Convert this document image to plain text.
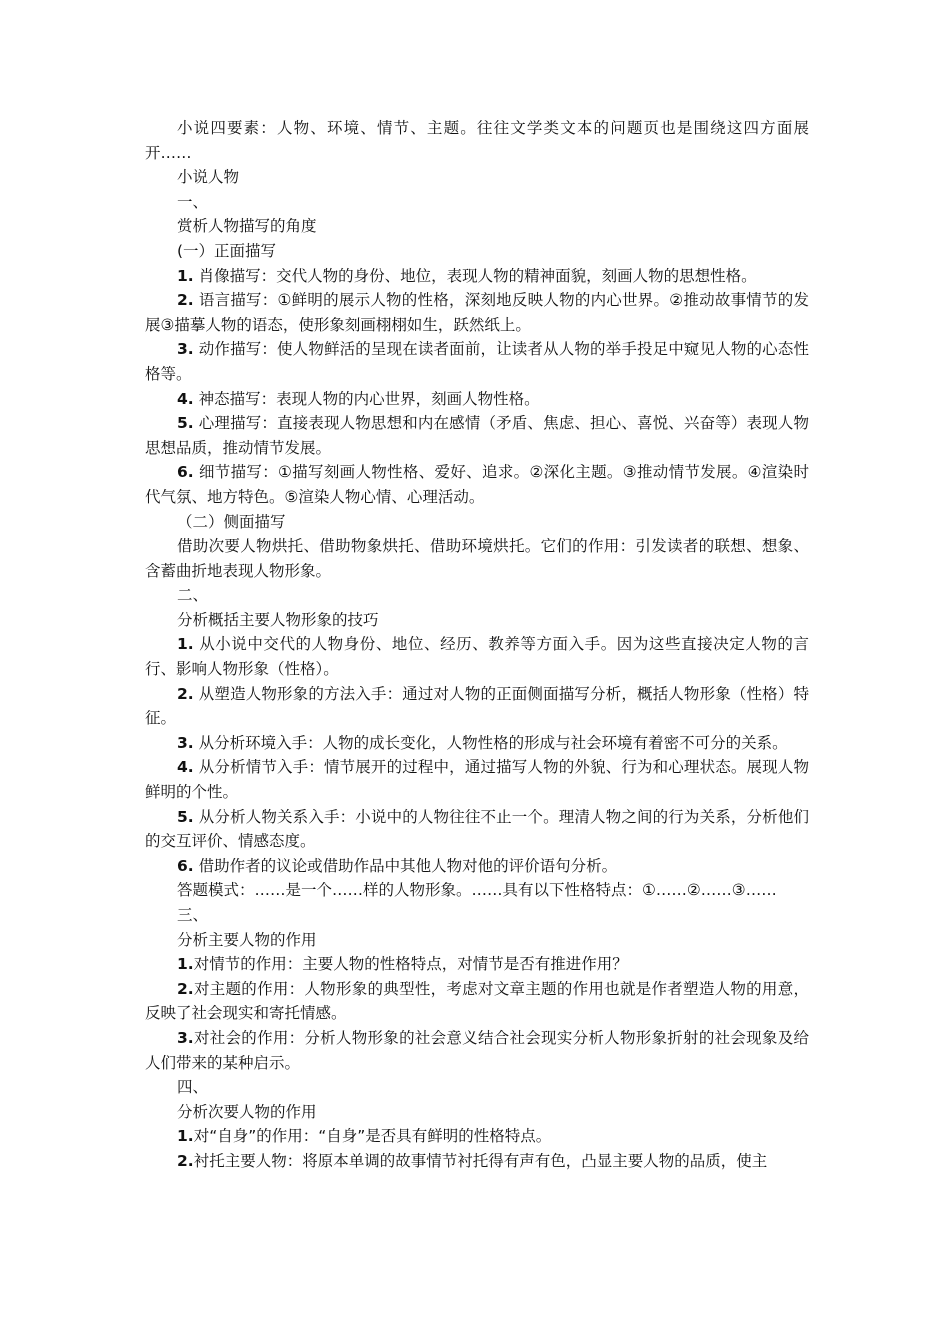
小说四要素：人物、环境、情节、主题。往往文学类文本的问题页也是围绕这四方面展开……

小说人物

一、

赏析人物描写的角度

(一）正面描写

1. 肖像描写：交代人物的身份、地位，表现人物的精神面貌，刻画人物的思想性格。

2. 语言描写：①鲜明的展示人物的性格，深刻地反映人物的内心世界。②推动故事情节的发展③描摹人物的语态，使形象刻画栩栩如生，跃然纸上。

3. 动作描写：使人物鲜活的呈现在读者面前，让读者从人物的举手投足中窥见人物的心态性格等。

4. 神态描写：表现人物的内心世界，刻画人物性格。

5. 心理描写：直接表现人物思想和内在感情（矛盾、焦虑、担心、喜悦、兴奋等）表现人物思想品质，推动情节发展。

6. 细节描写：①描写刻画人物性格、爱好、追求。②深化主题。③推动情节发展。④渲染时代气氛、地方特色。⑤渲染人物心情、心理活动。

（二）侧面描写

借助次要人物烘托、借助物象烘托、借助环境烘托。它们的作用：引发读者的联想、想象、含蓄曲折地表现人物形象。

二、

分析概括主要人物形象的技巧

1. 从小说中交代的人物身份、地位、经历、教养等方面入手。因为这些直接决定人物的言行、影响人物形象（性格）。

2. 从塑造人物形象的方法入手：通过对人物的正面侧面描写分析，概括人物形象（性格）特征。

3. 从分析环境入手：人物的成长变化，人物性格的形成与社会环境有着密不可分的关系。

4. 从分析情节入手：情节展开的过程中，通过描写人物的外貌、行为和心理状态。展现人物鲜明的个性。

5. 从分析人物关系入手：小说中的人物往往不止一个。理清人物之间的行为关系，分析他们的交互评价、情感态度。

6. 借助作者的议论或借助作品中其他人物对他的评价语句分析。

答题模式：……是一个……样的人物形象。……具有以下性格特点：①……②……③……

三、

分析主要人物的作用

1.对情节的作用：主要人物的性格特点，对情节是否有推进作用？

2.对主题的作用：人物形象的典型性，考虑对文章主题的作用也就是作者塑造人物的用意，反映了社会现实和寄托情感。

3.对社会的作用：分析人物形象的社会意义结合社会现实分析人物形象折射的社会现象及给人们带来的某种启示。

四、

分析次要人物的作用

1.对“自身”的作用：“自身”是否具有鲜明的性格特点。

2.衬托主要人物：将原本单调的故事情节衬托得有声有色，凸显主要人物的品质，使主
